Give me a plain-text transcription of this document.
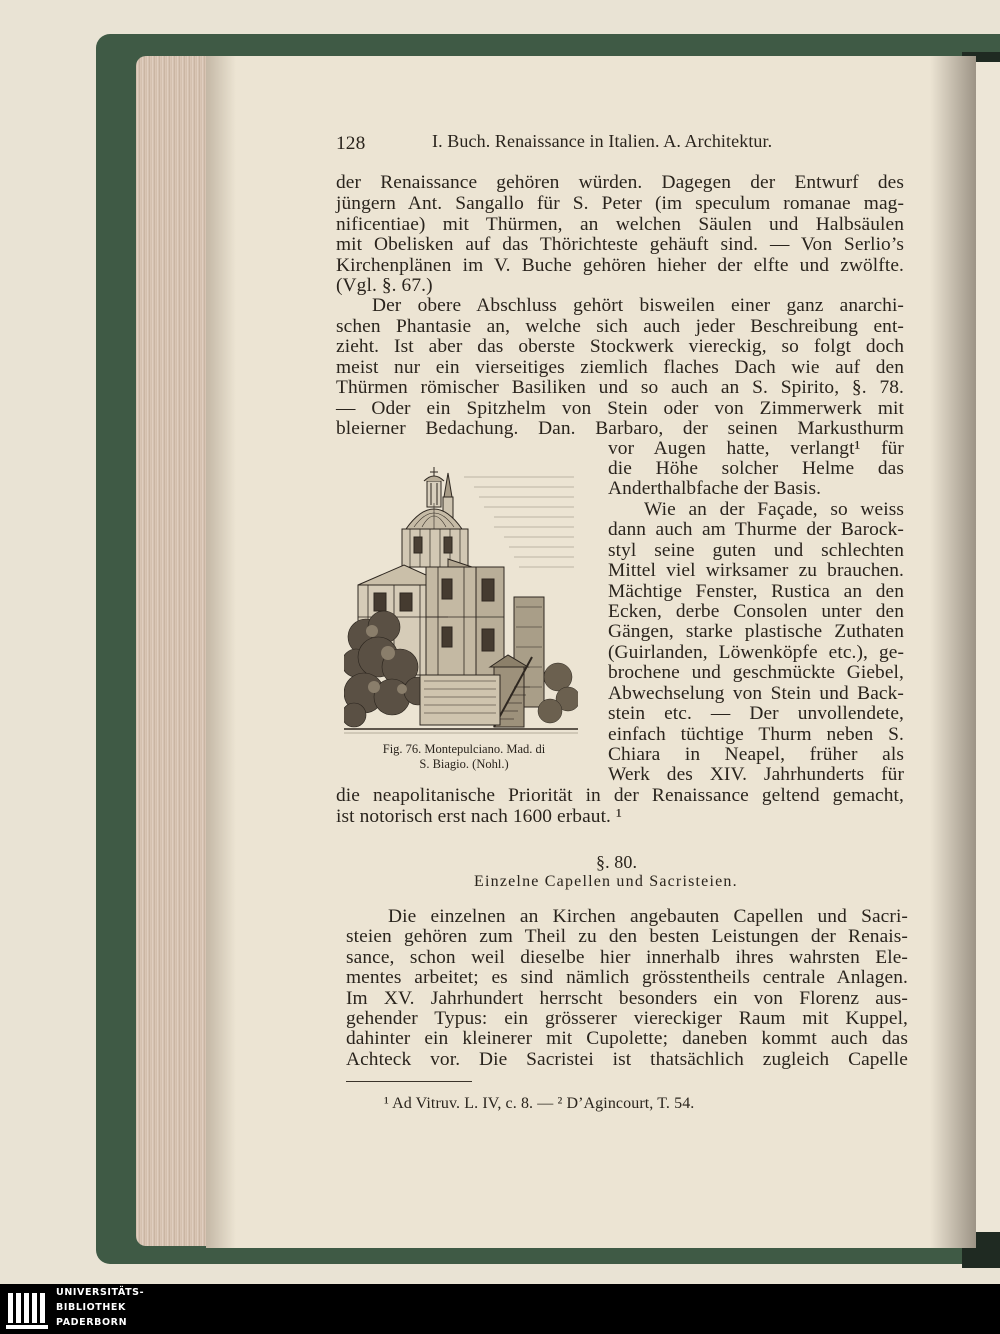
128	I. Buch. Renaissance in Italien. A. Architektur.
der Renaissance gehören würden. Dagegen der Entwurf des
jüngern Ant. Sangallo für S. Peter (im speculum romanae mag-
nificentiae) mit Thürmen, an welchen Säulen und Halbsäulen
mit Obelisken auf das Thörichteste gehäuft sind. — Von Serlio’s
Kirchenplänen im V. Buche gehören hieher der elfte und zwölfte.
(Vgl. §. 67.)
Der obere Abschluss gehört bisweilen einer ganz anarchi-
schen Phantasie an, welche sich auch jeder Beschreibung ent-
zieht. Ist aber das oberste Stockwerk viereckig, so folgt doch
meist nur ein vierseitiges ziemlich flaches Dach wie auf den
Thürmen römischer Basiliken und so auch an S. Spirito, §. 78.
— Oder ein Spitzhelm von Stein oder von Zimmerwerk mit
bleierner Bedachung. Dan. Barbaro, der seinen Markusthurm
vor Augen hatte, verlangt¹ für
die Höhe solcher Helme das
Anderthalbfache der Basis.
Wie an der Façade, so weiss
dann auch am Thurme der Barock-
styl seine guten und schlechten
Mittel viel wirksamer zu brauchen.
Mächtige Fenster, Rustica an den
Ecken, derbe Consolen unter den
Gängen, starke plastische Zuthaten
(Guirlanden, Löwenköpfe etc.), ge-
brochene und geschmückte Giebel,
Abwechselung von Stein und Back-
stein etc. — Der unvollendete,
einfach tüchtige Thurm neben S.
Chiara in Neapel, früher als
Werk des XIV. Jahrhunderts für
die neapolitanische Priorität in der Renaissance geltend gemacht,
ist notorisch erst nach 1600 erbaut. ¹
Fig. 76. Montepulciano. Mad. di
S. Biagio. (Nohl.)
§. 80.
Einzelne Capellen und Sacristeien.
Die einzelnen an Kirchen angebauten Capellen und Sacri-
steien gehören zum Theil zu den besten Leistungen der Renais-
sance, schon weil dieselbe hier innerhalb ihres wahrsten Ele-
mentes arbeitet; es sind nämlich grösstentheils centrale Anlagen.
Im XV. Jahrhundert herrscht besonders ein von Florenz aus-
gehender Typus: ein grösserer viereckiger Raum mit Kuppel,
dahinter ein kleinerer mit Cupolette; daneben kommt auch das
Achteck vor. Die Sacristei ist thatsächlich zugleich Capelle
¹ Ad Vitruv. L. IV, c. 8. — ² D’Agincourt, T. 54.
UNIVERSITÄTS-
BIBLIOTHEK
PADERBORN
